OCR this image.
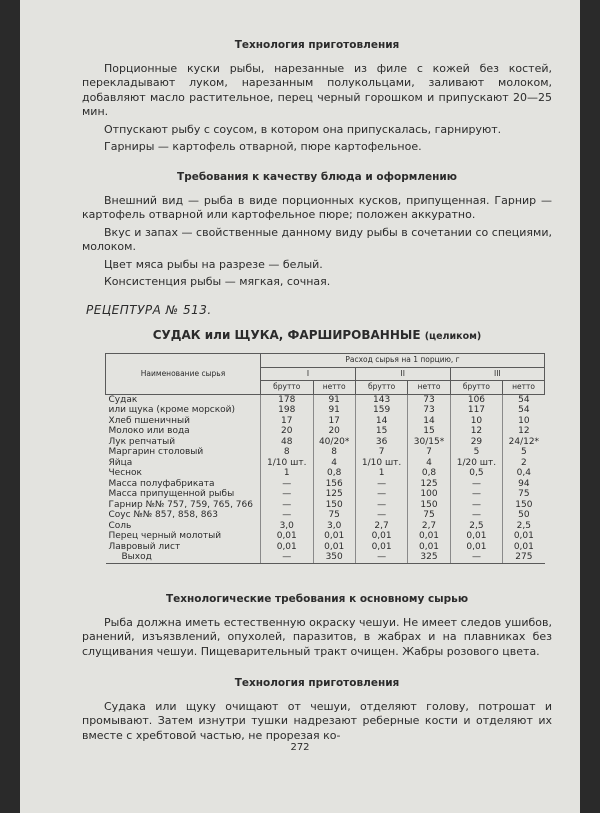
Технология приготовления

Порционные куски рыбы, нарезанные из филе с кожей без костей, перекладывают луком, нарезанным полукольцами, заливают молоком, добавляют масло растительное, перец черный горошком и припускают 20—25 мин.

Отпускают рыбу с соусом, в котором она припускалась, гарнируют.

Гарниры — картофель отварной, пюре картофельное.

Требования к качеству блюда и оформлению

Внешний вид — рыба в виде порционных кусков, припущенная. Гарнир — картофель отварной или картофельное пюре; положен аккуратно.

Вкус и запах — свойственные данному виду рыбы в сочетании со специями, молоком.

Цвет мяса рыбы на разрезе — белый.

Консистенция рыбы — мягкая, сочная.

РЕЦЕПТУРА № 513.
СУДАК или ЩУКА, ФАРШИРОВАННЫЕ (целиком)
Наименование сырья	Расход сырья на 1 порцию, г					
	I		II		III	
	брутто	нетто	брутто	нетто	брутто	нетто
Судак	178	91	143	73	106	54
или щука (кроме морской)	198	91	159	73	117	54
Хлеб пшеничный	17	17	14	14	10	10
Молоко или вода	20	20	15	15	12	12
Лук репчатый	48	40/20*	36	30/15*	29	24/12*
Маргарин столовый	8	8	7	7	5	5
Яйца	1/10 шт.	4	1/10 шт.	4	1/20 шт.	2
Чеснок	1	0,8	1	0,8	0,5	0,4
Масса полуфабриката	—	156	—	125	—	94
Масса припущенной рыбы	—	125	—	100	—	75
Гарнир №№ 757, 759, 765, 766	—	150	—	150	—	150
Соус №№ 857, 858, 863	—	75	—	75	—	50
Соль	3,0	3,0	2,7	2,7	2,5	2,5
Перец черный молотый	0,01	0,01	0,01	0,01	0,01	0,01
Лавровый лист	0,01	0,01	0,01	0,01	0,01	0,01
Выход	—	350	—	325	—	275
Технологические требования к основному сырью

Рыба должна иметь естественную окраску чешуи. Не имеет следов ушибов, ранений, изъязвлений, опухолей, паразитов, в жабрах и на плавниках без слущивания чешуи. Пищеварительный тракт очищен. Жабры розового цвета.

Технология приготовления

Судака или щуку очищают от чешуи, отделяют голову, потрошат и промывают. Затем изнутри тушки надрезают реберные кости и отделяют их вместе с хребтовой частью, не прорезая ко-

272
